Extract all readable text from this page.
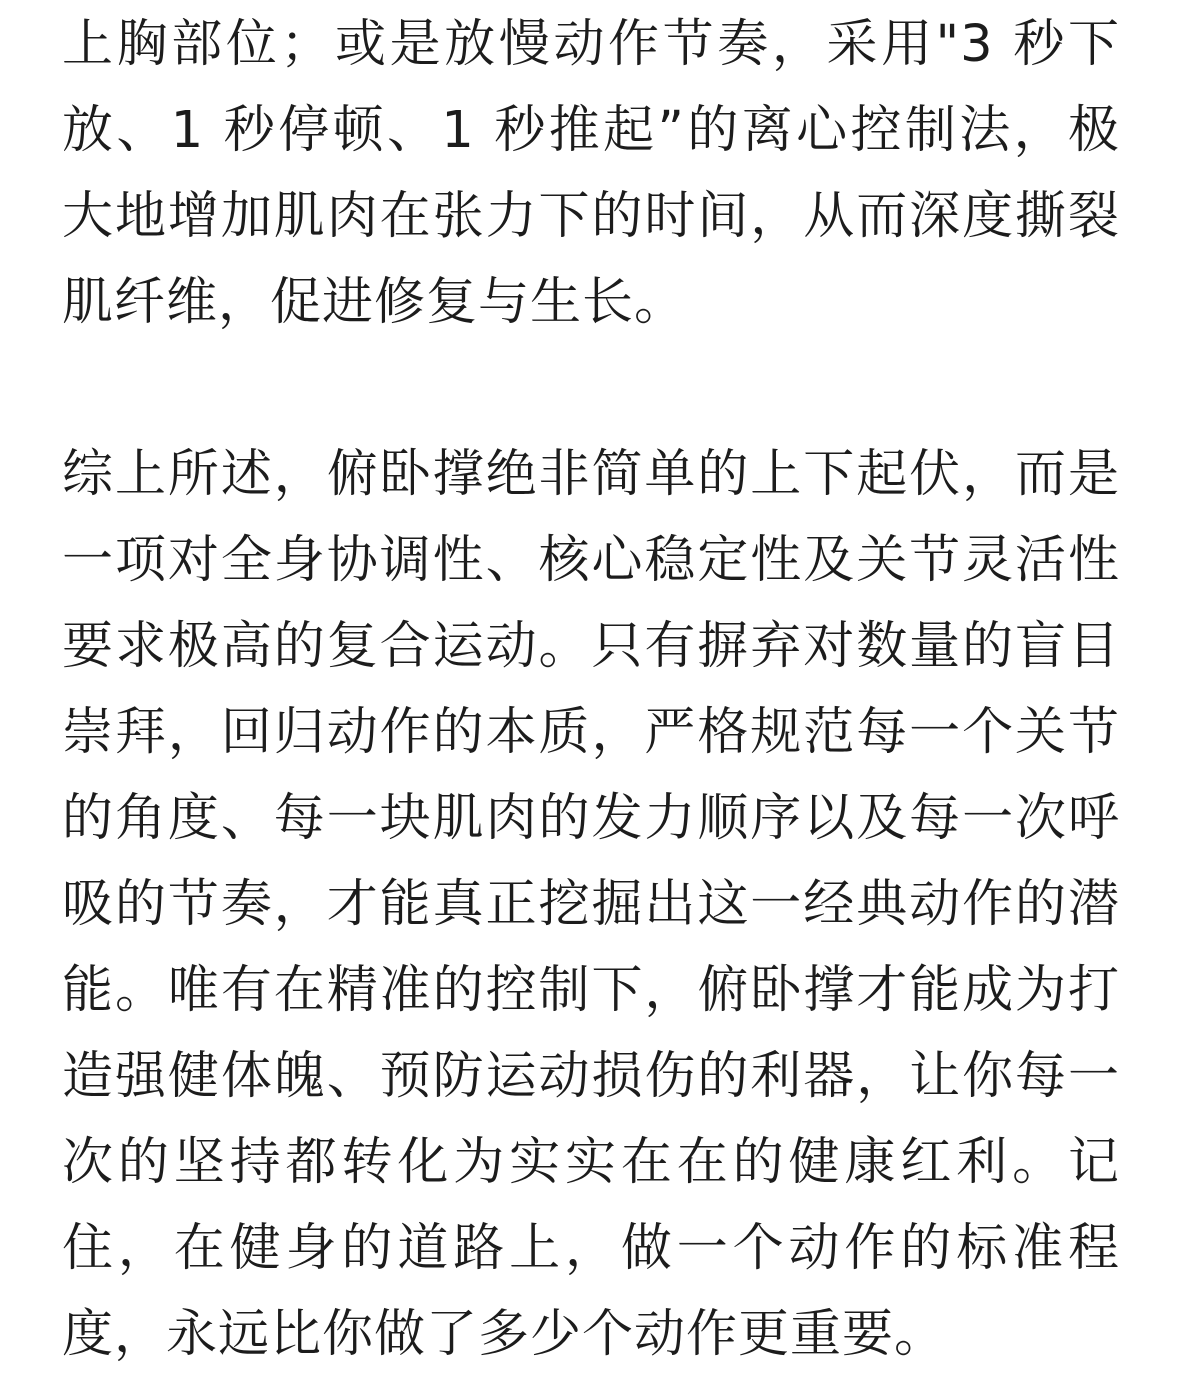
上胸部位；或是放慢动作节奏，采用"3 秒下放、1 秒停顿、1 秒推起”的离心控制法，极大地增加肌肉在张力下的时间，从而深度撕裂肌纤维，促进修复与生长。

综上所述，俯卧撑绝非简单的上下起伏，而是一项对全身协调性、核心稳定性及关节灵活性要求极高的复合运动。只有摒弃对数量的盲目崇拜，回归动作的本质，严格规范每一个关节的角度、每一块肌肉的发力顺序以及每一次呼吸的节奏，才能真正挖掘出这一经典动作的潜能。唯有在精准的控制下，俯卧撑才能成为打造强健体魄、预防运动损伤的利器，让你每一次的坚持都转化为实实在在的健康红利。记住，在健身的道路上，做一个动作的标准程度，永远比你做了多少个动作更重要。
